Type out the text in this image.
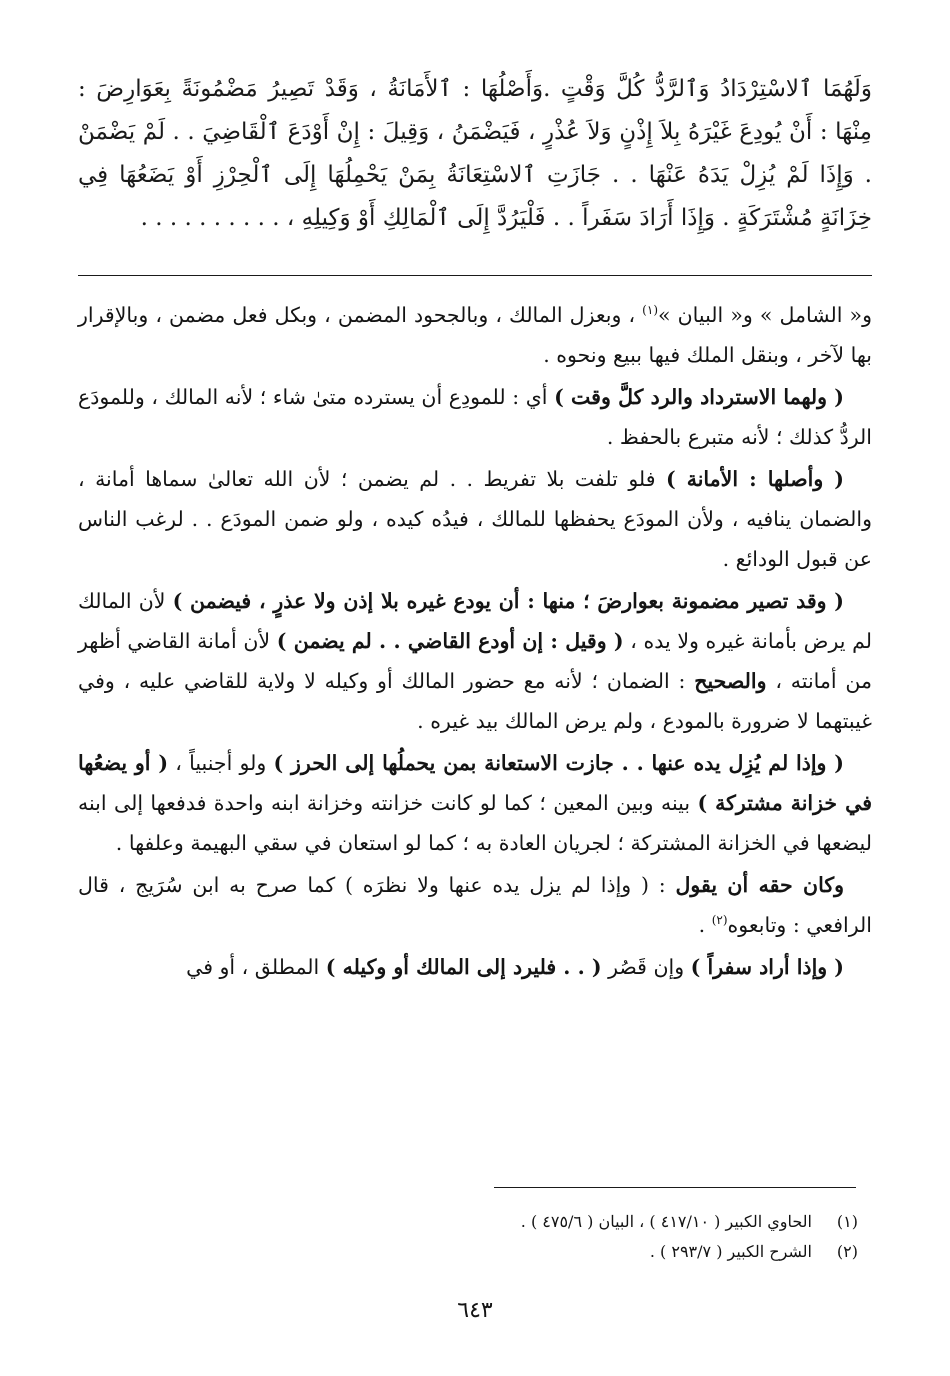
وَلَهُمَا ٱلاسْتِرْدَادُ وَٱلرَّدُّ كُلَّ وَقْتٍ .وَأَصْلُهَا : ٱلأَمَانَةُ ، وَقَدْ تَصِيرُ مَضْمُونَةً بِعَوَارِضَ : مِنْهَا : أَنْ يُودِعَ غَيْرَهُ بِلاَ إِذْنٍ وَلاَ عُذْرٍ ، فَيَضْمَنُ ، وَقِيلَ : إِنْ أَوْدَعَ ٱلْقَاضِيَ . . لَمْ يَضْمَنْ . وَإِذَا لَمْ يُزِلْ يَدَهُ عَنْهَا . . جَازَتِ ٱلاسْتِعَانَةُ بِمَنْ يَحْمِلُهَا إِلَى ٱلْحِرْزِ أَوْ يَضَعُهَا فِي خِزَانَةٍ مُشْتَرَكَةٍ . وَإِذَا أَرَادَ سَفَراً . . فَلْيَرُدَّ إِلَى ٱلْمَالِكِ أَوْ وَكِيلِهِ ، . . . . . . . . . .

و« الشامل » و« البيان »$^{(١)}$ ، وبعزل المالك ، وبالجحود المضمن ، وبكل فعل مضمن ، وبالإقرار بها لآخر ، وبنقل الملك فيها ببيع ونحوه .

( ولهما الاسترداد والرد كلَّ وقت ) أي : للمودِع أن يسترده متىٰ شاء ؛ لأنه المالك ، وللمودَع الردُّ كذلك ؛ لأنه متبرع بالحفظ .

( وأصلها : الأمانة ) فلو تلفت بلا تفريط . . لم يضمن ؛ لأن الله تعالىٰ سماها أمانة ، والضمان ينافيه ، ولأن المودَع يحفظها للمالك ، فيدُه كيده ، ولو ضمن المودَع . . لرغب الناس عن قبول الودائع .

( وقد تصير مضمونة بعوارضَ ؛ منها : أن يودع غيره بلا إذن ولا عذرٍ ، فيضمن ) لأن المالك لم يرض بأمانة غيره ولا يده ، ( وقيل : إن أودع القاضي . . لم يضمن ) لأن أمانة القاضي أظهر من أمانته ، والصحيح : الضمان ؛ لأنه مع حضور المالك أو وكيله لا ولاية للقاضي عليه ، وفي غيبتهما لا ضرورة بالمودع ، ولم يرض المالك بيد غيره .

( وإذا لم يُزِل يده عنها . . جازت الاستعانة بمن يحملُها إلى الحرز ) ولو أجنبياً ، ( أو يضعُها في خزانة مشتركة ) بينه وبين المعين ؛ كما لو كانت خزانته وخزانة ابنه واحدة فدفعها إلى ابنه ليضعها في الخزانة المشتركة ؛ لجريان العادة به ؛ كما لو استعان في سقي البهيمة وعلفها .

وكان حقه أن يقول : ( وإذا لم يزل يده عنها ولا نظرَه ) كما صرح به ابن سُرَيج ، قال الرافعي : وتابعوه$^{(٢)}$ .

( وإذا أراد سفراً ) وإن قَصُر ( . . فليرد إلى المالك أو وكيله ) المطلق ، أو في

(١)
الحاوي الكبير ( ٤١٧/١٠ ) ، البيان ( ٤٧٥/٦ ) .
(٢)
الشرح الكبير ( ٢٩٣/٧ ) .
٦٤٣
